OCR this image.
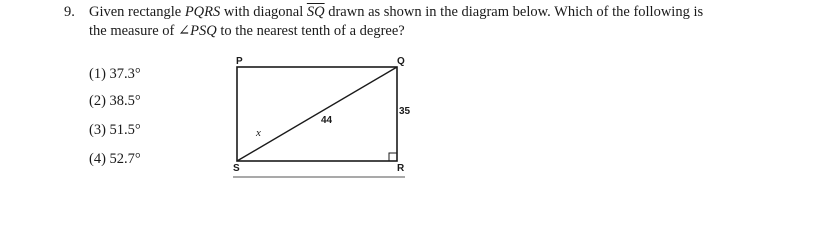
9. Given rectangle PQRS with diagonal $\overline{SQ}$ drawn as shown in the diagram below. Which of the following is
the measure of ∠PSQ to the nearest tenth of a degree?
(1) 37.3°
(2) 38.5°
(3) 51.5°
(4) 52.7°
P	Q
R
S
44
35
x
